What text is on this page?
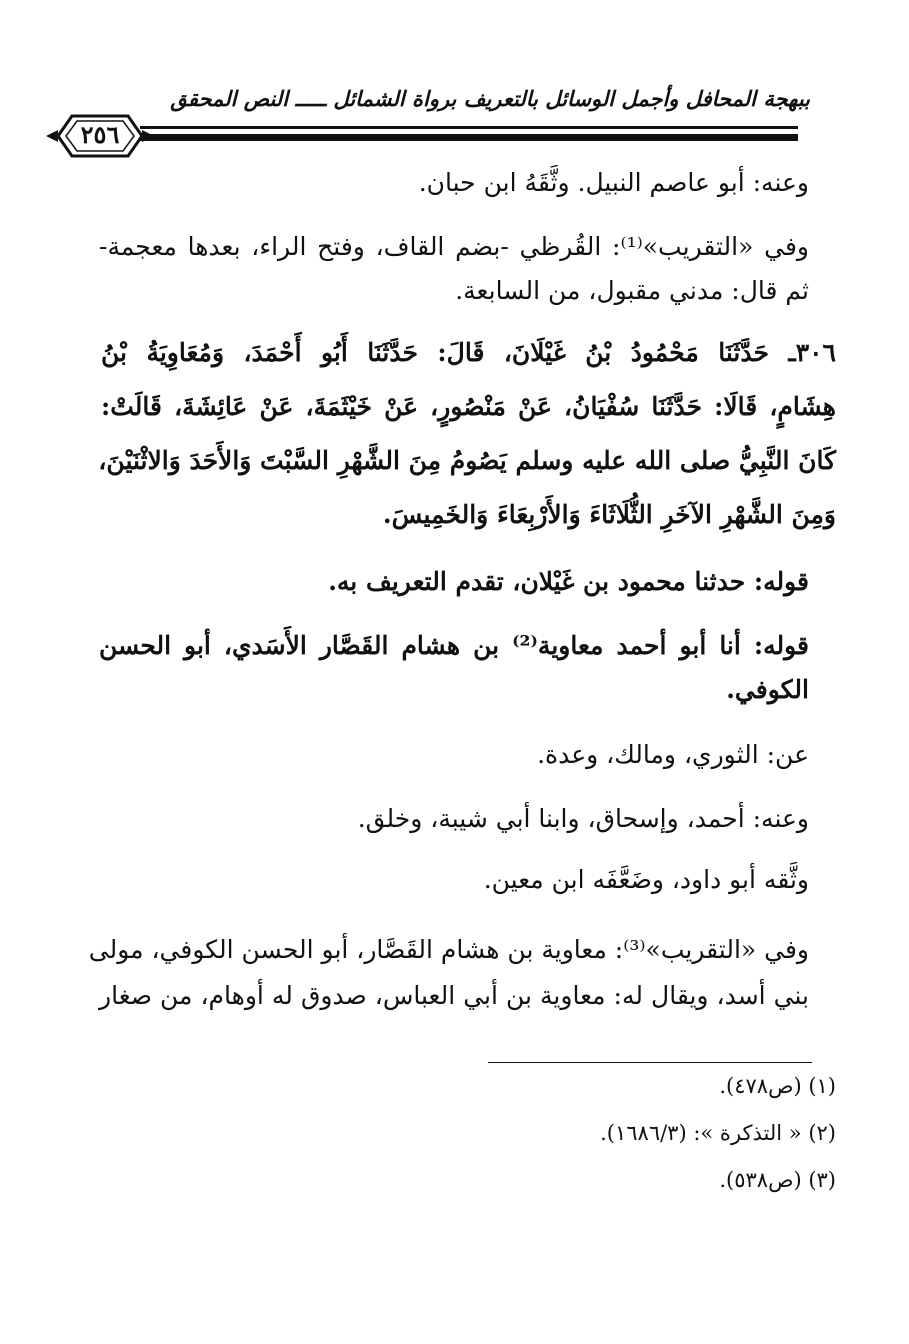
ببهجة المحافل وأجمل الوسائل بالتعريف برواة الشمائل ـــــ النص المحقق
٢٥٦
وعنه: أبو عاصم النبيل. وثَّقَهُ ابن حبان.
وفي «التقريب»⁽¹⁾: القُرظي -بضم القاف، وفتح الراء، بعدها معجمة-
ثم قال: مدني مقبول، من السابعة.
٣٠٦ـ حَدَّثَنَا مَحْمُودُ بْنُ غَيْلَانَ، قَالَ: حَدَّثَنَا أَبُو أَحْمَدَ، وَمُعَاوِيَةُ بْنُ
هِشَامٍ، قَالَا: حَدَّثَنَا سُفْيَانُ، عَنْ مَنْصُورٍ، عَنْ خَيْثَمَةَ، عَنْ عَائِشَةَ، قَالَتْ:
كَانَ النَّبِيُّ صلى الله عليه وسلم يَصُومُ مِنَ الشَّهْرِ السَّبْتَ وَالأَحَدَ وَالاثْنَيْنَ،
وَمِنَ الشَّهْرِ الآخَرِ الثُّلَاثَاءَ وَالأَرْبِعَاءَ وَالخَمِيسَ.
قوله: حدثنا محمود بن غَيْلان، تقدم التعريف به.
قوله: أنا أبو أحمد معاوية⁽²⁾ بن هشام القَصَّار الأَسَدي، أبو الحسن
الكوفي.
عن: الثوري، ومالك، وعدة.
وعنه: أحمد، وإسحاق، وابنا أبي شيبة، وخلق.
وثَّقه أبو داود، وضَعَّفَه ابن معين.
وفي «التقريب»⁽³⁾: معاوية بن هشام القَصَّار، أبو الحسن الكوفي، مولى
بني أسد، ويقال له: معاوية بن أبي العباس، صدوق له أوهام، من صغار
(١) (ص٤٧٨).
(٢) « التذكرة »: (١٦٨٦/٣).
(٣) (ص٥٣٨).
